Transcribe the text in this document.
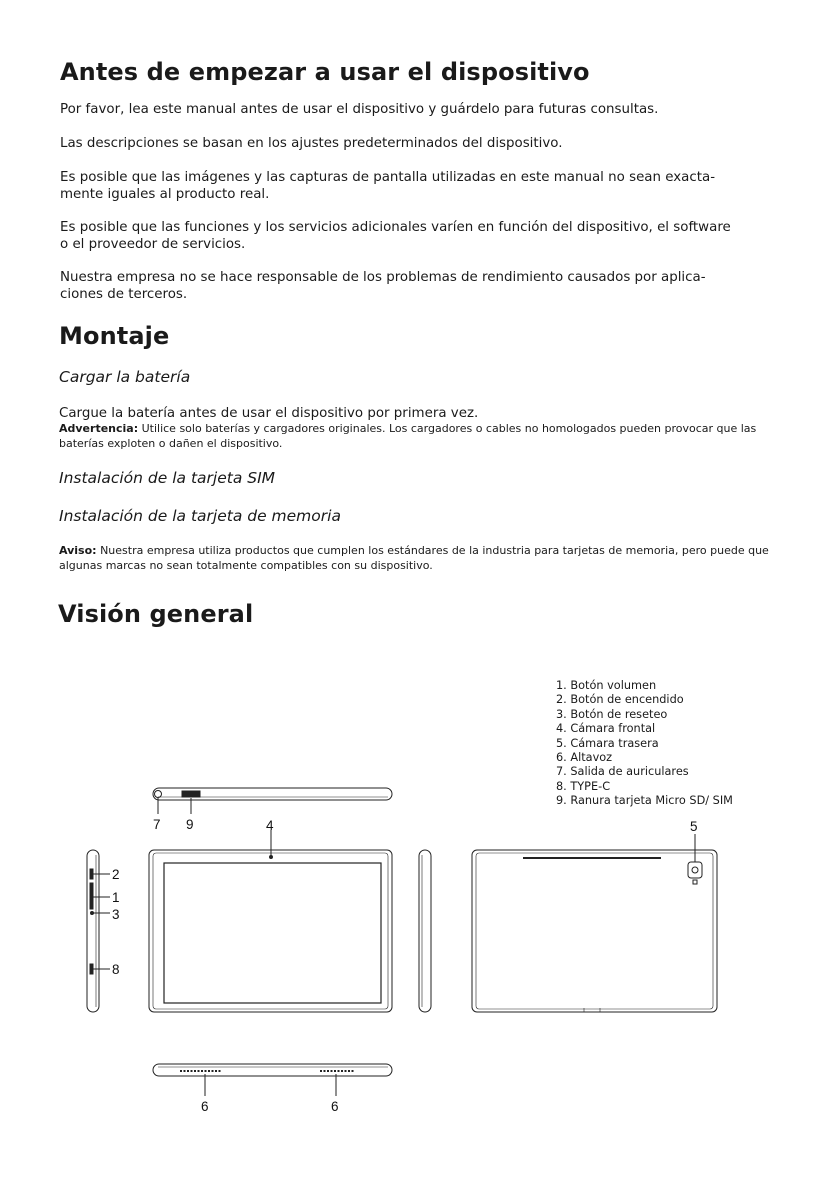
Antes de empezar a usar el dispositivo

Por favor, lea este manual antes de usar el dispositivo y guárdelo para futuras consultas.

Las descripciones se basan en los ajustes predeterminados del dispositivo.

Es posible que las imágenes y las capturas de pantalla utilizadas en este manual no sean exacta-
mente iguales al producto real.

Es posible que las funciones y los servicios adicionales varíen en función del dispositivo, el software
o el proveedor de servicios.

Nuestra empresa no se hace responsable de los problemas de rendimiento causados por aplica-
ciones de terceros.

Montaje
Cargar la batería

Cargue la batería antes de usar el dispositivo por primera vez.

Advertencia: Utilice solo baterías y cargadores originales. Los cargadores o cables no homologados pueden provocar que las baterías exploten o dañen el dispositivo.

Instalación de la tarjeta SIM
Instalación de la tarjeta de memoria

Aviso: Nuestra empresa utiliza productos que cumplen los estándares de la industria para tarjetas de memoria, pero puede que algunas marcas no sean totalmente compatibles con su dispositivo.

Visión general
1. Botón volumen
2. Botón de encendido
3. Botón de reseteo
4. Cámara frontal
5. Cámara trasera
6. Altavoz
7. Salida de auriculares
8. TYPE-C
9. Ranura tarjeta Micro SD/ SIM
7 9	4	5
2
1
3
8
6	6
